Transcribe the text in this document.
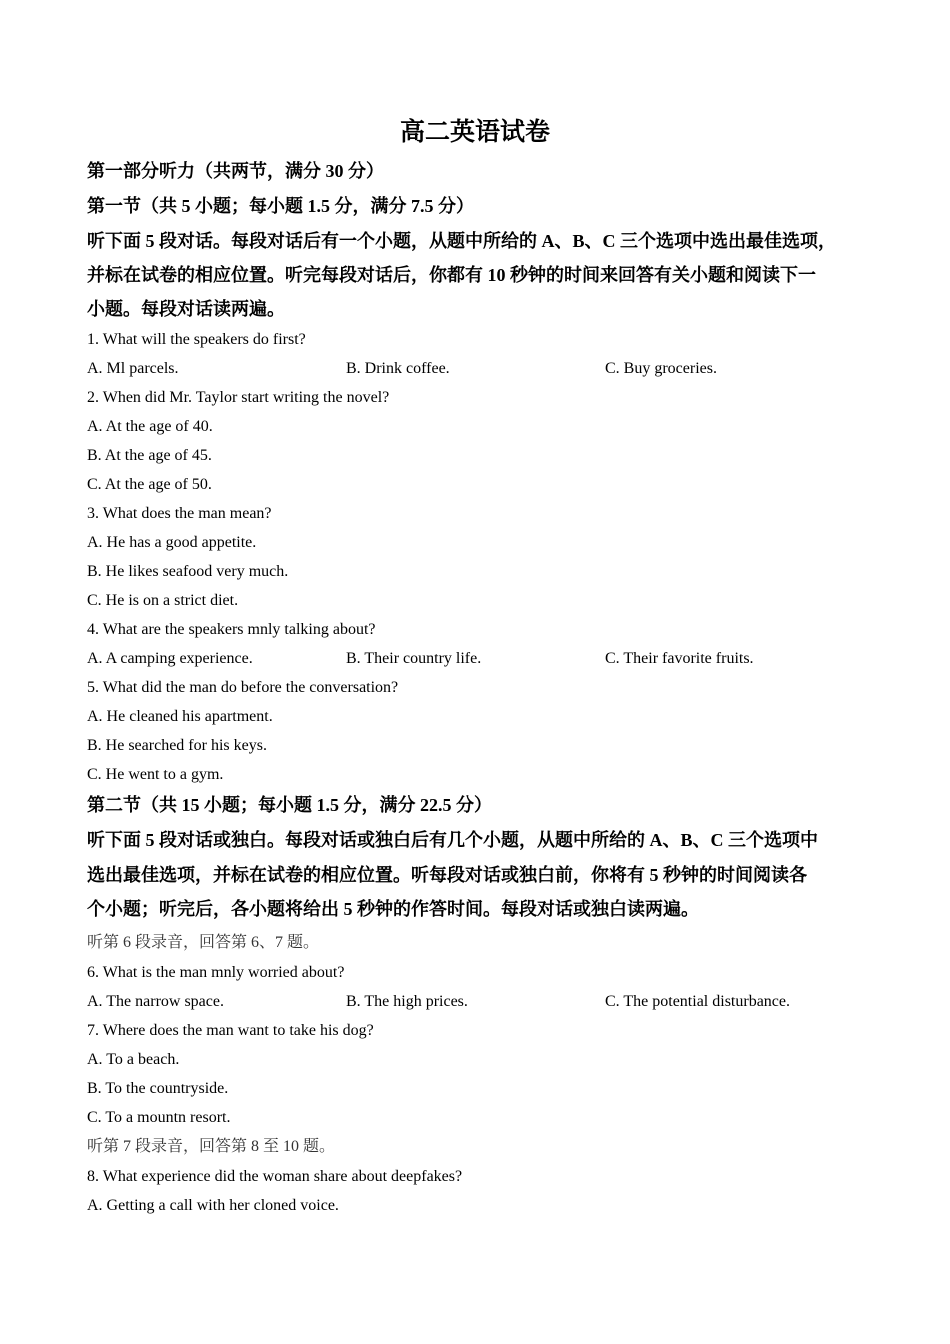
高二英语试卷
第一部分听力（共两节，满分 30 分）
第一节（共 5 小题；每小题 1.5 分，满分 7.5 分）
听下面 5 段对话。每段对话后有一个小题，从题中所给的 A、B、C 三个选项中选出最佳选项，
并标在试卷的相应位置。听完每段对话后，你都有 10 秒钟的时间来回答有关小题和阅读下一
小题。每段对话读两遍。
1. What will the speakers do first?
A. Ml parcels.	B. Drink coffee.	C. Buy groceries.
2. When did Mr. Taylor start writing the novel?
A. At the age of 40.
B. At the age of 45.
C. At the age of 50.
3. What does the man mean?
A. He has a good appetite.
B. He likes seafood very much.
C. He is on a strict diet.
4. What are the speakers mnly talking about?
A. A camping experience.	B. Their country life.	C. Their favorite fruits.
5. What did the man do before the conversation?
A. He cleaned his apartment.
B. He searched for his keys.
C. He went to a gym.
第二节（共 15 小题；每小题 1.5 分，满分 22.5 分）
听下面 5 段对话或独白。每段对话或独白后有几个小题，从题中所给的 A、B、C 三个选项中
选出最佳选项，并标在试卷的相应位置。听每段对话或独白前，你将有 5 秒钟的时间阅读各
个小题；听完后，各小题将给出 5 秒钟的作答时间。每段对话或独白读两遍。
听第 6 段录音，回答第 6、7 题。
6. What is the man mnly worried about?
A. The narrow space.	B. The high prices.	C. The potential disturbance.
7. Where does the man want to take his dog?
A. To a beach.
B. To the countryside.
C. To a mountn resort.
听第 7 段录音，回答第 8 至 10 题。
8. What experience did the woman share about deepfakes?
A. Getting a call with her cloned voice.
